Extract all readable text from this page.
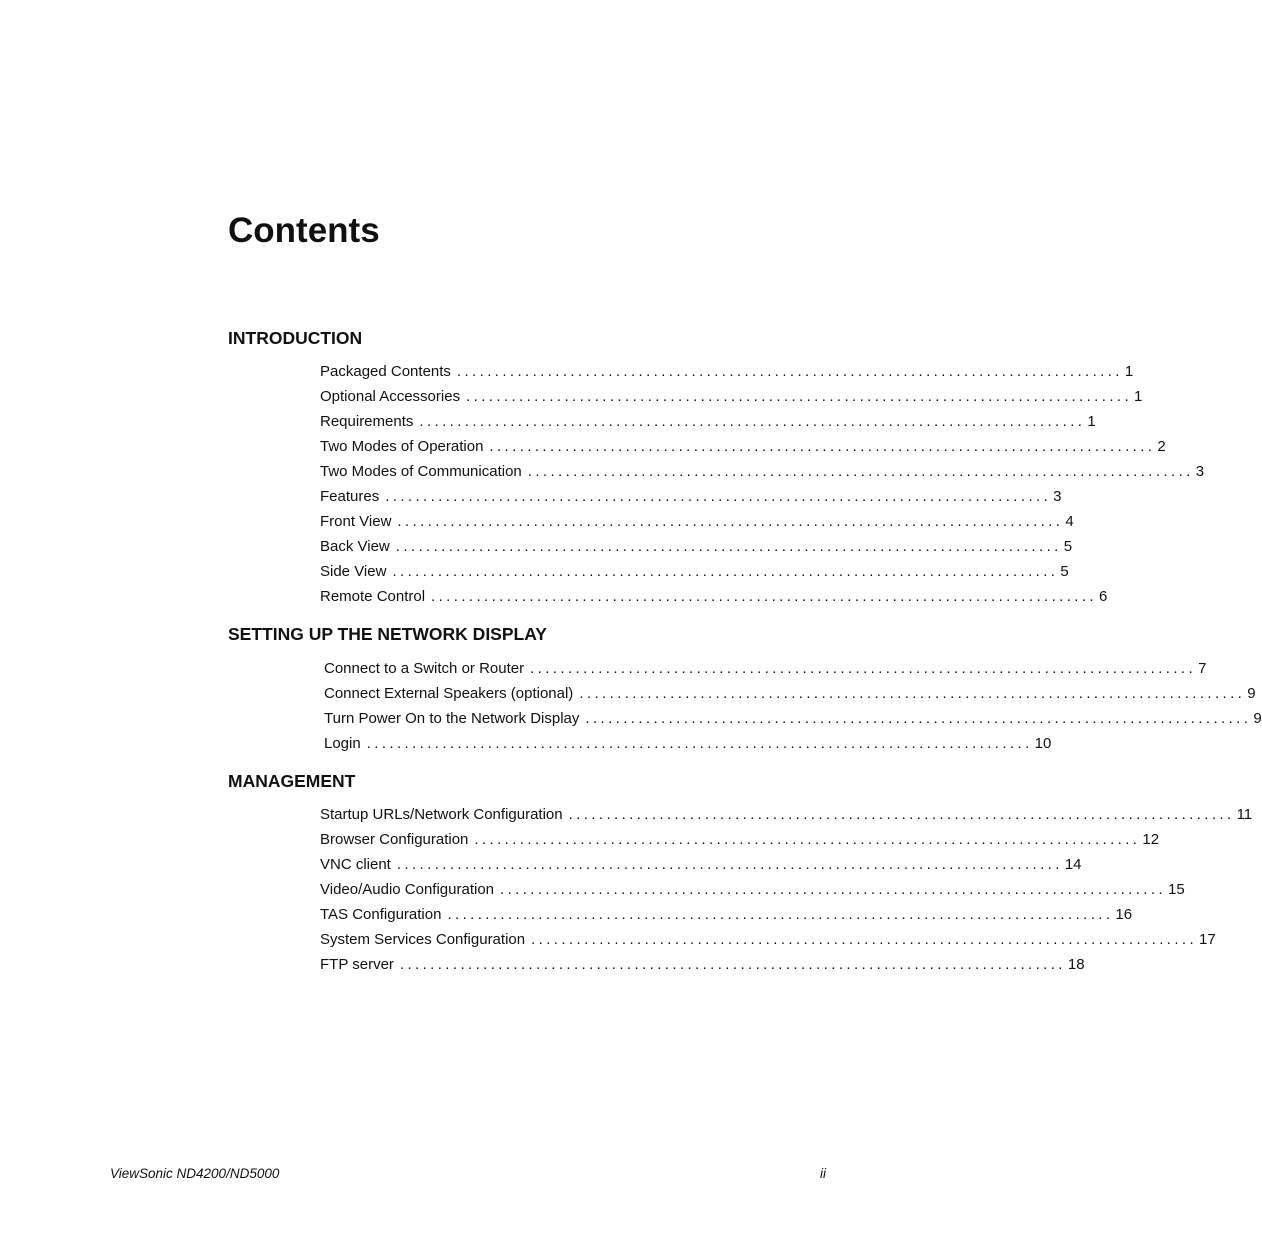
Contents
INTRODUCTION
Packaged Contents ........................................................................................ 1
Optional Accessories ........................................................................................ 1
Requirements ........................................................................................ 1
Two Modes of Operation ........................................................................................ 2
Two Modes of Communication ........................................................................................ 3
Features ........................................................................................ 3
Front View ........................................................................................ 4
Back View ........................................................................................ 5
Side View ........................................................................................ 5
Remote Control ........................................................................................ 6
SETTING UP THE NETWORK DISPLAY
Connect to a Switch or Router ........................................................................................ 7
Connect External Speakers (optional) ........................................................................................ 9
Turn Power On to the Network Display ........................................................................................ 9
Login ........................................................................................ 10
MANAGEMENT
Startup URLs/Network Configuration ........................................................................................ 11
Browser Configuration ........................................................................................ 12
VNC client ........................................................................................ 14
Video/Audio Configuration ........................................................................................ 15
TAS Configuration ........................................................................................ 16
System Services Configuration ........................................................................................ 17
FTP server ........................................................................................ 18
ViewSonic ND4200/ND5000	ii
